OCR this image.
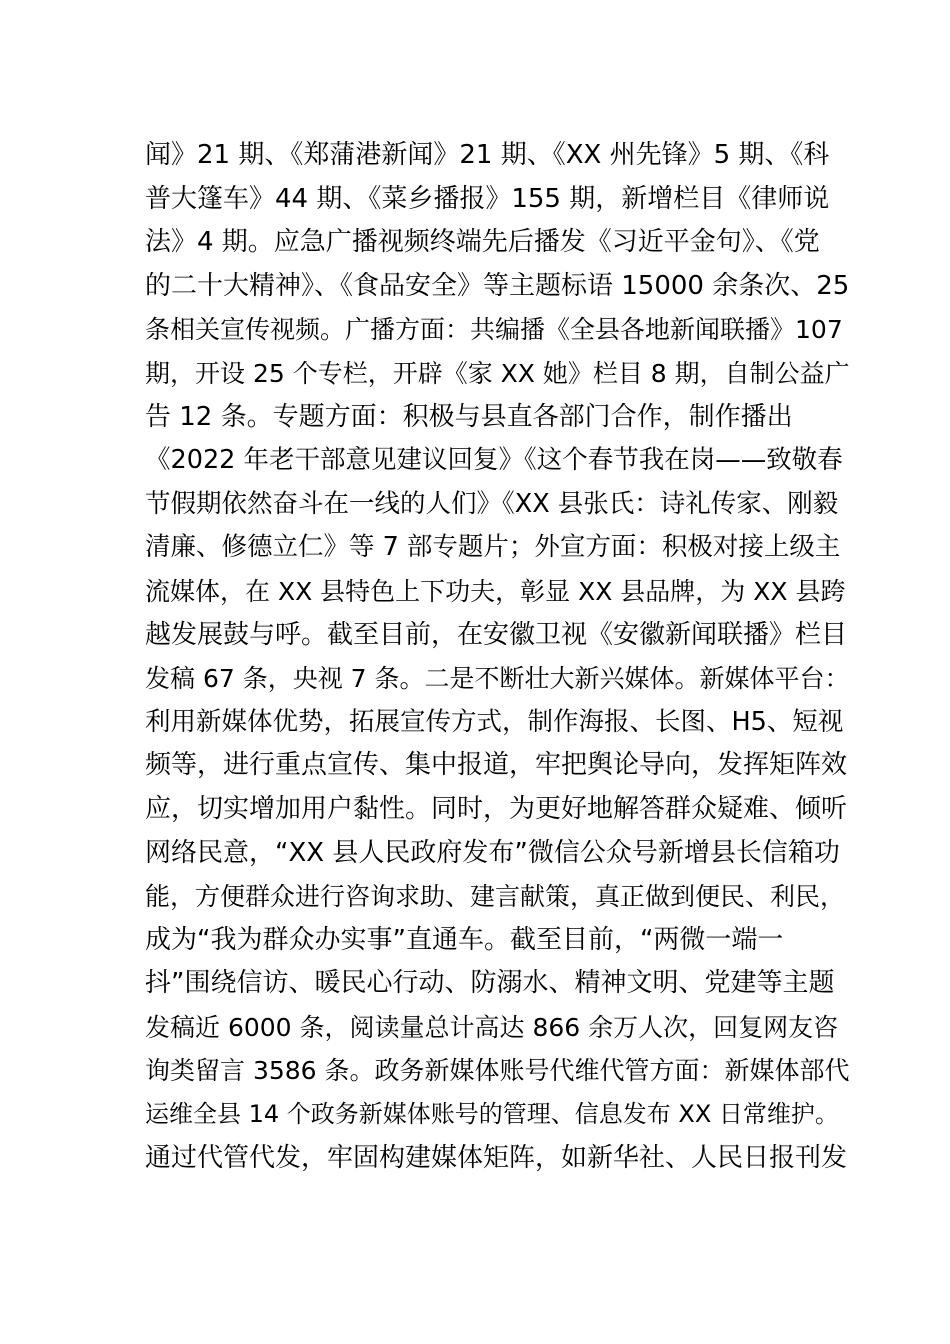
闻》21 期、《郑蒲港新闻》21 期、《XX 州先锋》5 期、《科
普大篷车》44 期、《菜乡播报》155 期，新增栏目《律师说
法》4 期。应急广播视频终端先后播发《习近平金句》、《党
的二十大精神》、《食品安全》等主题标语 15000 余条次、25
条相关宣传视频。广播方面：共编播《全县各地新闻联播》107
期，开设 25 个专栏，开辟《家 XX 她》栏目 8 期，自制公益广
告 12 条。专题方面：积极与县直各部门合作，制作播出
《2022 年老干部意见建议回复》《这个春节我在岗——致敬春
节假期依然奋斗在一线的人们》《XX 县张氏：诗礼传家、刚毅
清廉、修德立仁》等 7 部专题片；外宣方面：积极对接上级主
流媒体，在 XX 县特色上下功夫，彰显 XX 县品牌，为 XX 县跨
越发展鼓与呼。截至目前，在安徽卫视《安徽新闻联播》栏目
发稿 67 条，央视 7 条。二是不断壮大新兴媒体。新媒体平台：
利用新媒体优势，拓展宣传方式，制作海报、长图、H5、短视
频等，进行重点宣传、集中报道，牢把舆论导向，发挥矩阵效
应，切实增加用户黏性。同时，为更好地解答群众疑难、倾听
网络民意，“XX 县人民政府发布”微信公众号新增县长信箱功
能，方便群众进行咨询求助、建言献策，真正做到便民、利民，
成为“我为群众办实事”直通车。截至目前，“两微一端一
抖”围绕信访、暖民心行动、防溺水、精神文明、党建等主题
发稿近 6000 条，阅读量总计高达 866 余万人次，回复网友咨
询类留言 3586 条。政务新媒体账号代维代管方面：新媒体部代
运维全县 14 个政务新媒体账号的管理、信息发布 XX 日常维护。
通过代管代发，牢固构建媒体矩阵，如新华社、人民日报刊发
